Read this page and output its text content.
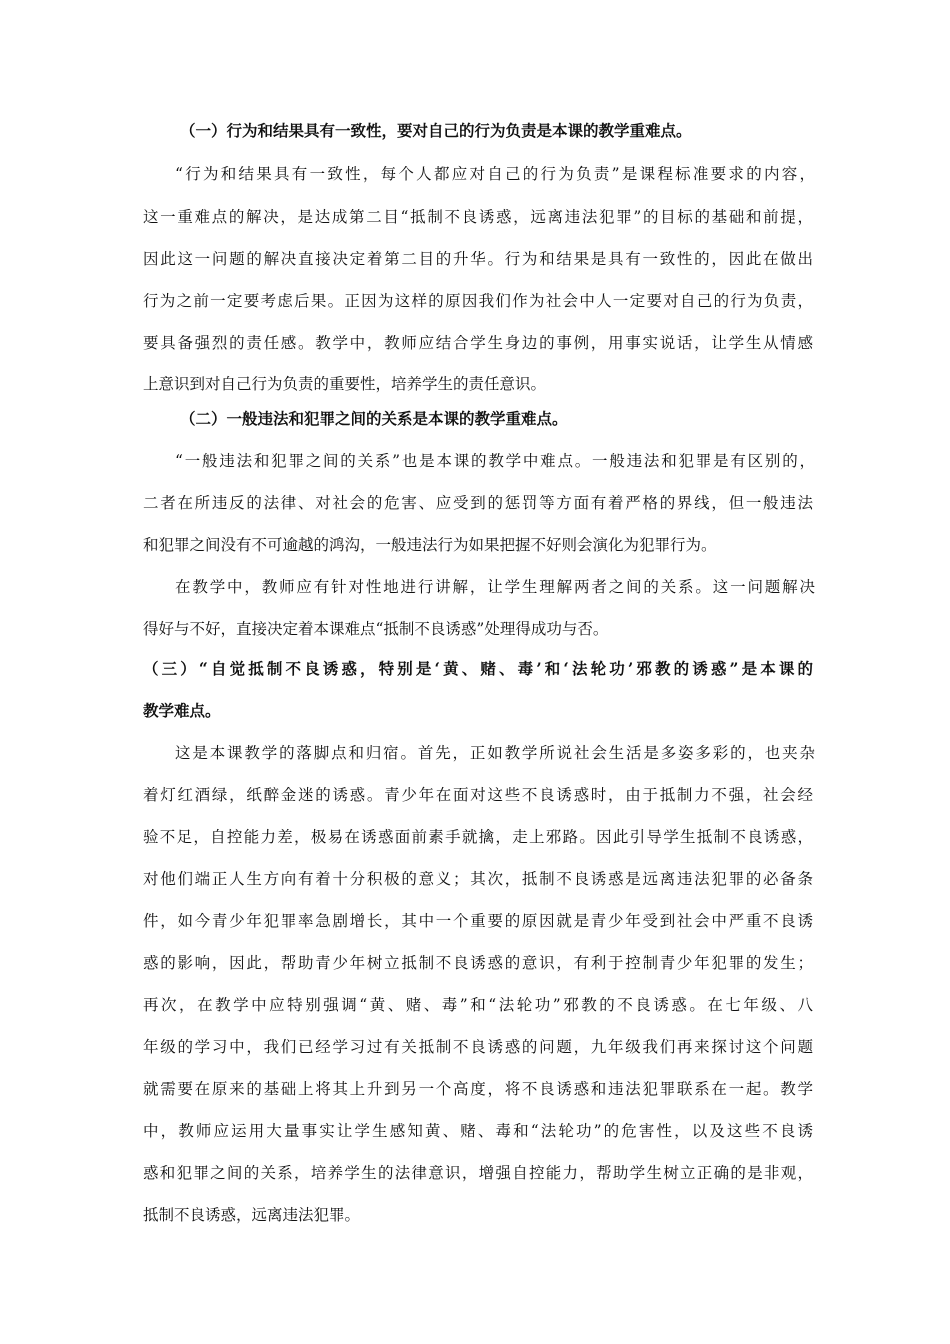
（一）行为和结果具有一致性，要对自己的行为负责是本课的教学重难点。
“行为和结果具有一致性，每个人都应对自己的行为负责”是课程标准要求的内容，
这一重难点的解决，是达成第二目“抵制不良诱惑，远离违法犯罪”的目标的基础和前提，
因此这一问题的解决直接决定着第二目的升华。行为和结果是具有一致性的，因此在做出
行为之前一定要考虑后果。正因为这样的原因我们作为社会中人一定要对自己的行为负责，
要具备强烈的责任感。教学中，教师应结合学生身边的事例，用事实说话，让学生从情感
上意识到对自己行为负责的重要性，培养学生的责任意识。
（二）一般违法和犯罪之间的关系是本课的教学重难点。
“一般违法和犯罪之间的关系”也是本课的教学中难点。一般违法和犯罪是有区别的，
二者在所违反的法律、对社会的危害、应受到的惩罚等方面有着严格的界线，但一般违法
和犯罪之间没有不可逾越的鸿沟，一般违法行为如果把握不好则会演化为犯罪行为。
在教学中，教师应有针对性地进行讲解，让学生理解两者之间的关系。这一问题解决
得好与不好，直接决定着本课难点“抵制不良诱惑”处理得成功与否。
（三）“自觉抵制不良诱惑，特别是‘黄、赌、毒’和‘法轮功’邪教的诱惑”是本课的
教学难点。
这是本课教学的落脚点和归宿。首先，正如教学所说社会生活是多姿多彩的，也夹杂
着灯红酒绿，纸醉金迷的诱惑。青少年在面对这些不良诱惑时，由于抵制力不强，社会经
验不足，自控能力差，极易在诱惑面前素手就擒，走上邪路。因此引导学生抵制不良诱惑，
对他们端正人生方向有着十分积极的意义；其次，抵制不良诱惑是远离违法犯罪的必备条
件，如今青少年犯罪率急剧增长，其中一个重要的原因就是青少年受到社会中严重不良诱
惑的影响，因此，帮助青少年树立抵制不良诱惑的意识，有利于控制青少年犯罪的发生；
再次，在教学中应特别强调“黄、赌、毒”和“法轮功”邪教的不良诱惑。在七年级、八
年级的学习中，我们已经学习过有关抵制不良诱惑的问题，九年级我们再来探讨这个问题
就需要在原来的基础上将其上升到另一个高度，将不良诱惑和违法犯罪联系在一起。教学
中，教师应运用大量事实让学生感知黄、赌、毒和“法轮功”的危害性，以及这些不良诱
惑和犯罪之间的关系，培养学生的法律意识，增强自控能力，帮助学生树立正确的是非观，
抵制不良诱惑，远离违法犯罪。
